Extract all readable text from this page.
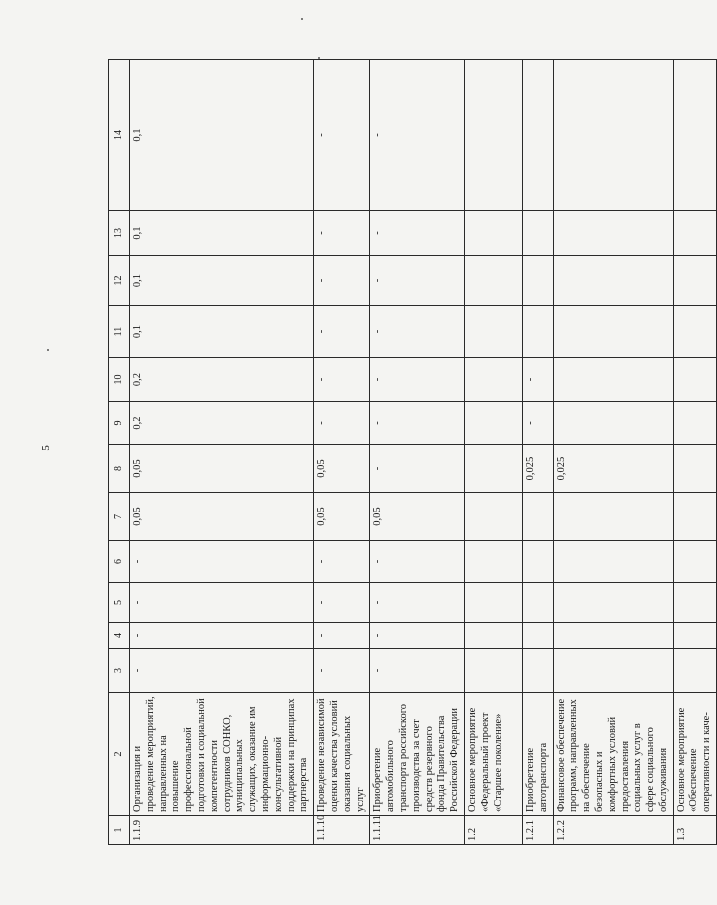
5
1	2	3	4	5	6	7	8	9	10	11	12	13	14
1.1.9	Организация и проведение мероприятий, направленных на повышение профессиональной подготовки и социальной компетентности сотрудников СОНКО, муниципальных служащих, оказание им информационно-консультативной поддержки на принципах партнерства	-	-	-	-	0,05	0,05	0,2	0,2	0,1	0,1	0,1	0,1
1.1.10	Проведение независимой оценки качества условий оказания социальных услуг	-	-	-	-	0,05	0,05	-	-	-	-	-	-
1.1.11	Приобретение автомобильного транспорта российского производства за счет средств резервного фонда Правительства Российской Федерации	-	-	-	-	0,05	-	-	-	-	-	-	-
1.2	Основное мероприятие «Федеральный проект «Старшее поколение»												
1.2.1	Приобретение автотранспорта						0,025	-	-				
1.2.2	Финансовое обеспечение программ, направленных на обеспечение безопасных и комфортных условий предоставления социальных услуг в сфере социального обслуживания						0,025						
1.3	Основное мероприятие «Обеспечение оперативности и каче-												
